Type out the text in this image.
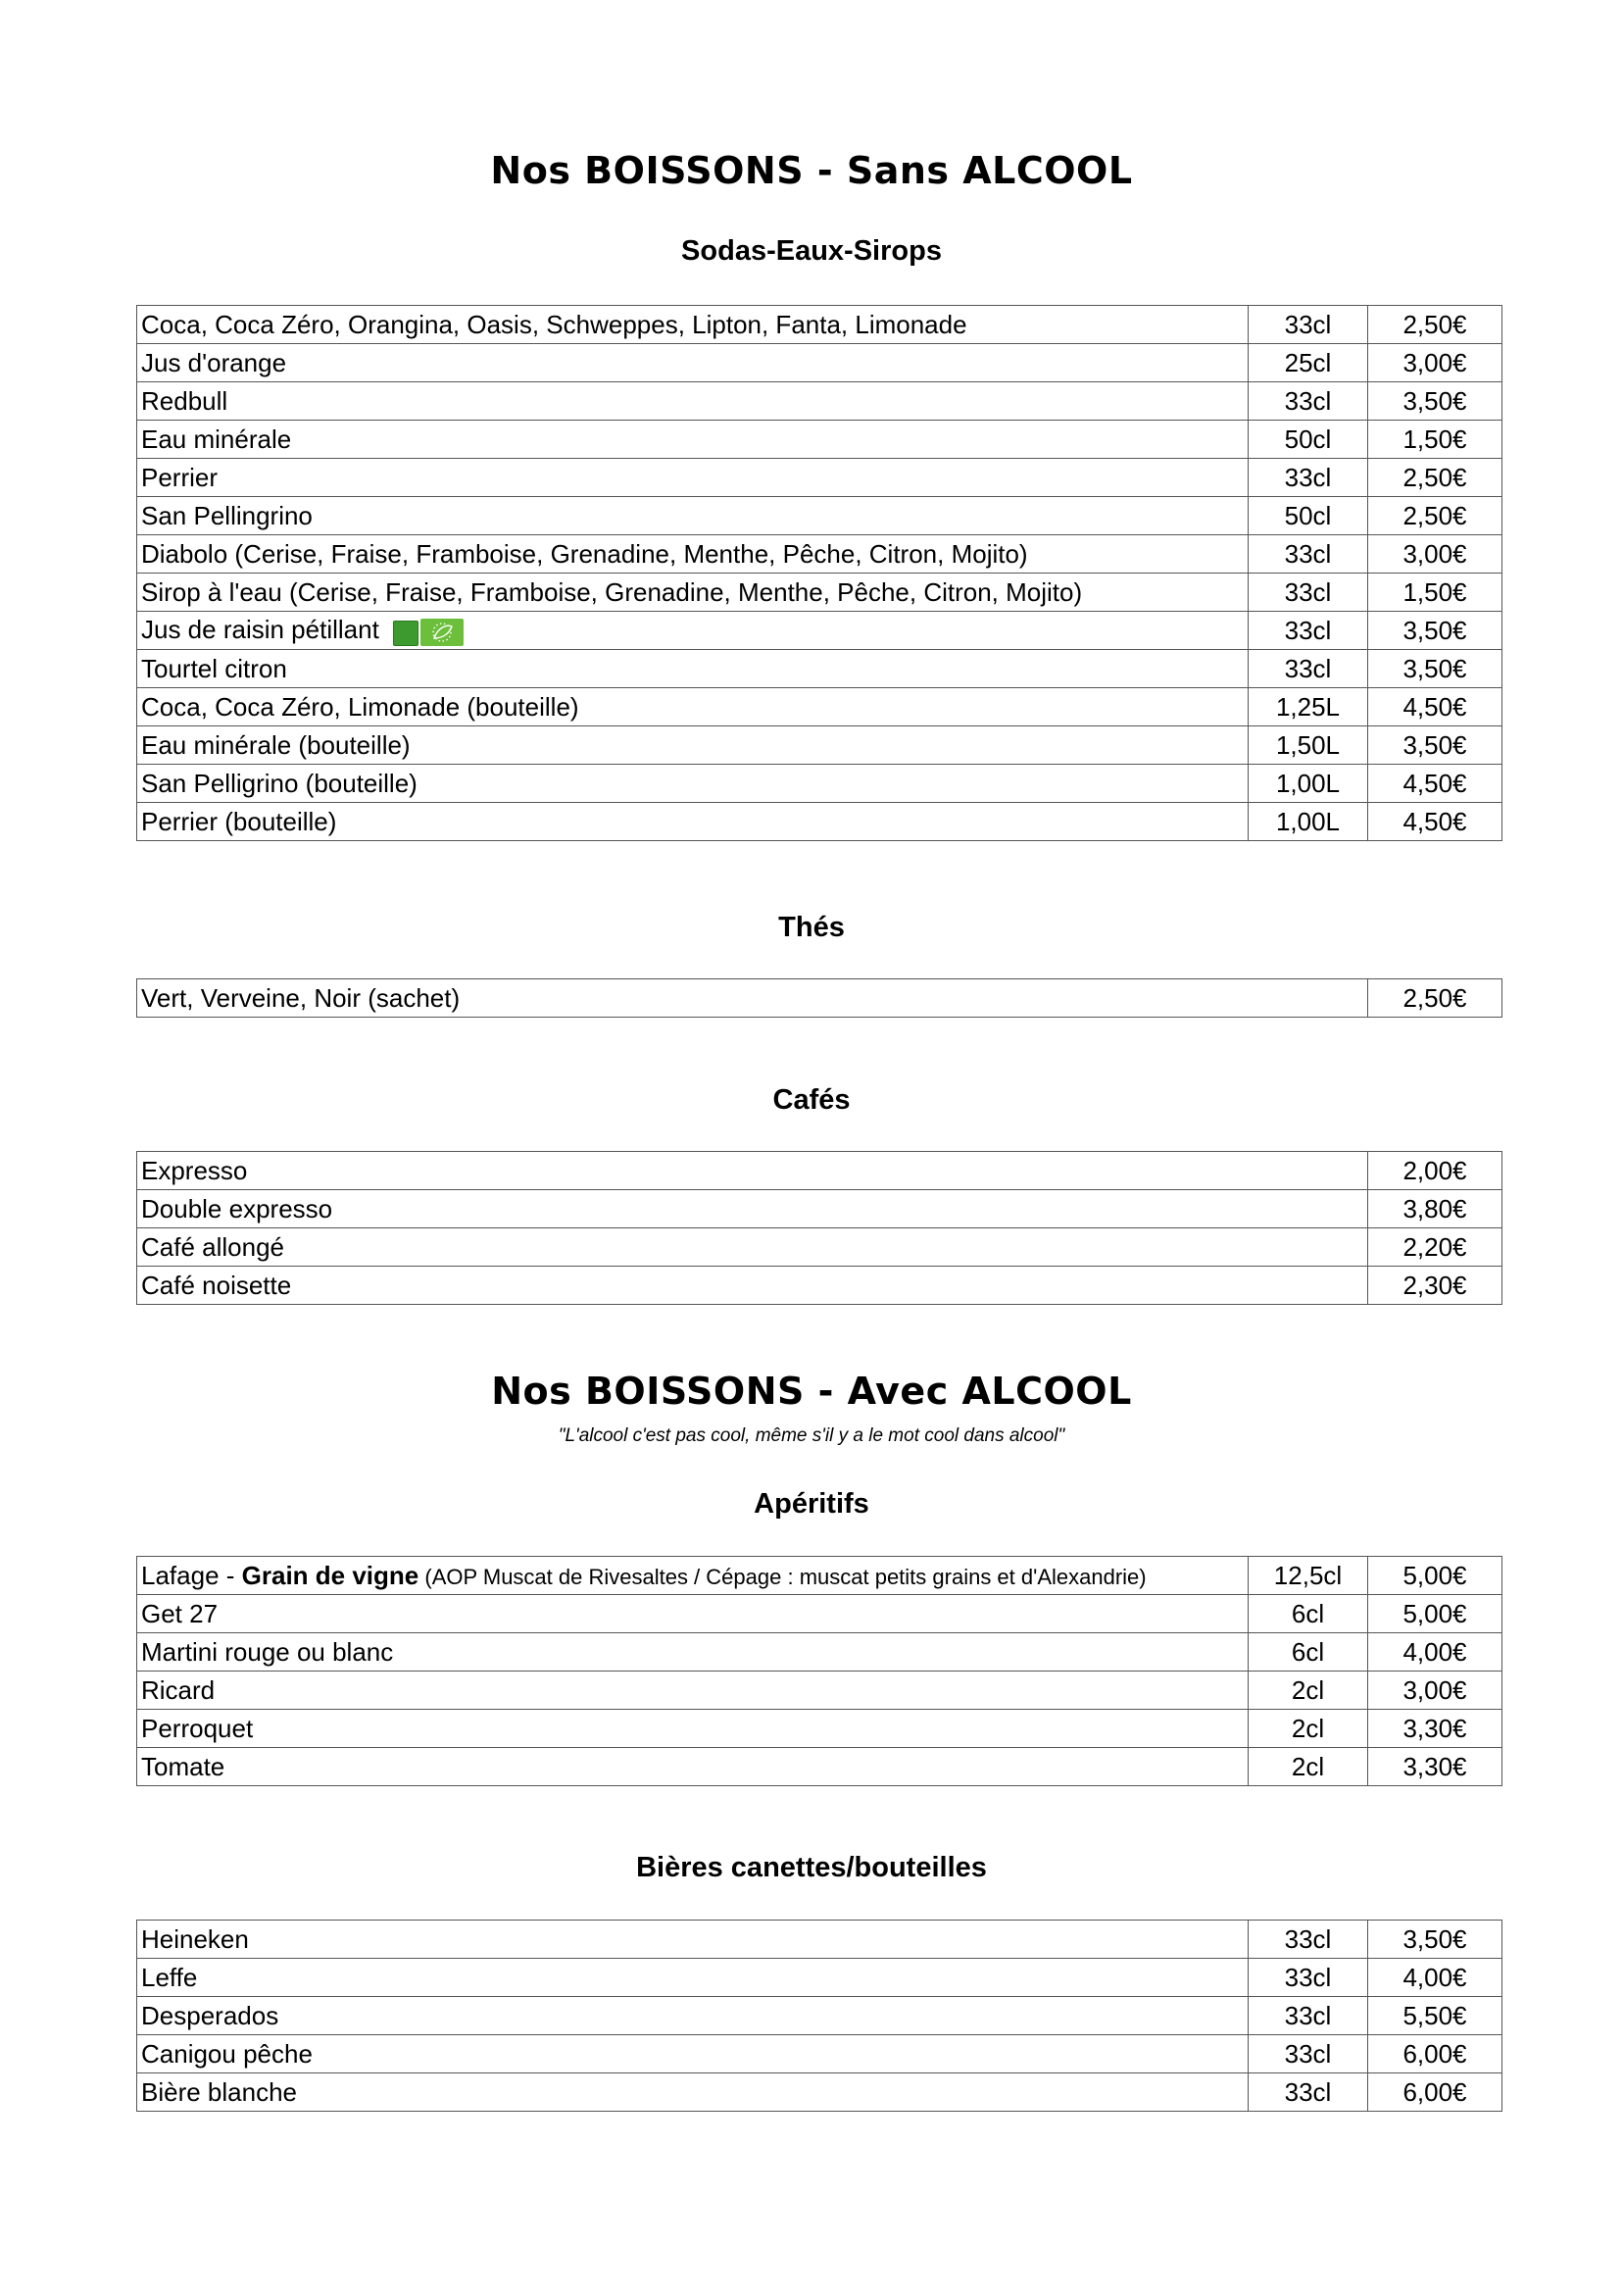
Nos BOISSONS - Sans ALCOOL
Sodas-Eaux-Sirops
Coca, Coca Zéro, Orangina, Oasis, Schweppes, Lipton, Fanta, Limonade	33cl	2,50€
Jus d'orange	25cl	3,00€
Redbull	33cl	3,50€
Eau minérale	50cl	1,50€
Perrier	33cl	2,50€
San Pellingrino	50cl	2,50€
Diabolo (Cerise, Fraise, Framboise, Grenadine, Menthe, Pêche, Citron, Mojito)	33cl	3,00€
Sirop à l'eau (Cerise, Fraise, Framboise, Grenadine, Menthe, Pêche, Citron, Mojito)	33cl	1,50€
Jus de raisin pétillant	33cl	3,50€
Tourtel citron	33cl	3,50€
Coca, Coca Zéro, Limonade (bouteille)	1,25L	4,50€
Eau minérale (bouteille)	1,50L	3,50€
San Pelligrino (bouteille)	1,00L	4,50€
Perrier (bouteille)	1,00L	4,50€
Thés
Vert, Verveine, Noir (sachet)	2,50€
Cafés
Expresso	2,00€
Double expresso	3,80€
Café allongé	2,20€
Café noisette	2,30€
Nos BOISSONS - Avec ALCOOL
"L'alcool c'est pas cool, même s'il y a le mot cool dans alcool"
Apéritifs
Lafage - Grain de vigne (AOP Muscat de Rivesaltes / Cépage : muscat petits grains et d'Alexandrie)	12,5cl	5,00€
Get 27	6cl	5,00€
Martini rouge ou blanc	6cl	4,00€
Ricard	2cl	3,00€
Perroquet	2cl	3,30€
Tomate	2cl	3,30€
Bières canettes/bouteilles
Heineken	33cl	3,50€
Leffe	33cl	4,00€
Desperados	33cl	5,50€
Canigou pêche	33cl	6,00€
Bière blanche	33cl	6,00€
